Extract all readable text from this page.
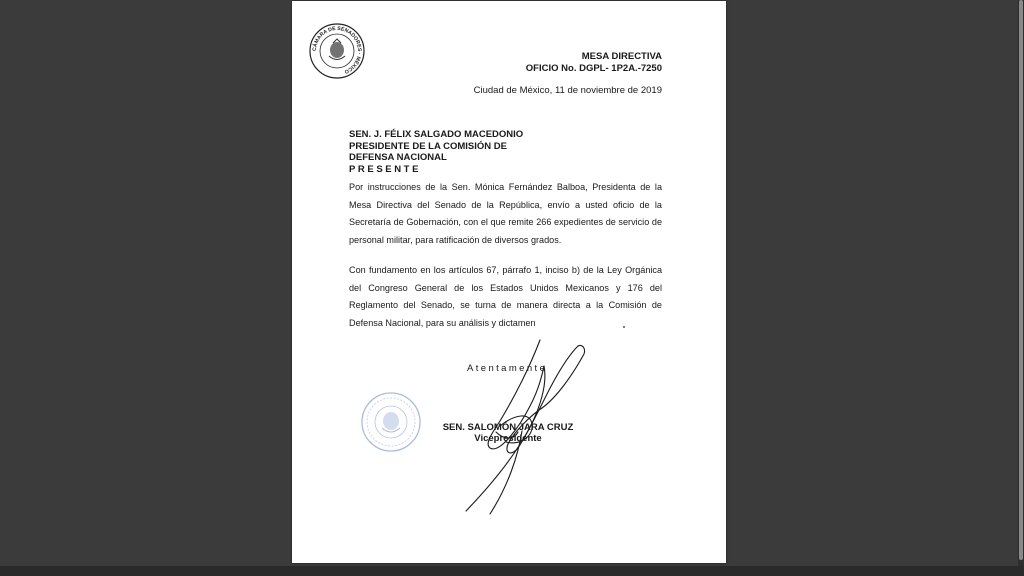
CÁMARA DE SENADORES · MÉXICO
MESA DIRECTIVA
OFICIO No. DGPL- 1P2A.-7250
Ciudad de México, 11 de noviembre de 2019
SEN. J. FÉLIX SALGADO MACEDONIO
PRESIDENTE DE LA COMISIÓN DE
DEFENSA NACIONAL
PRESENTE
Por instrucciones de la Sen. Mónica Fernández Balboa, Presidenta de la Mesa Directiva del Senado de la República, envío a usted oficio de la Secretaría de Gobernación, con el que remite 266 expedientes de servicio de personal militar, para ratificación de diversos grados.
Con fundamento en los artículos 67, párrafo 1, inciso b) de la Ley Orgánica del Congreso General de los Estados Unidos Mexicanos y 176 del Reglamento del Senado, se turna de manera directa a la Comisión de Defensa Nacional, para su análisis y dictamen
Atentamente
SEN. SALOMÓN JARA CRUZ
Vicepresidente
